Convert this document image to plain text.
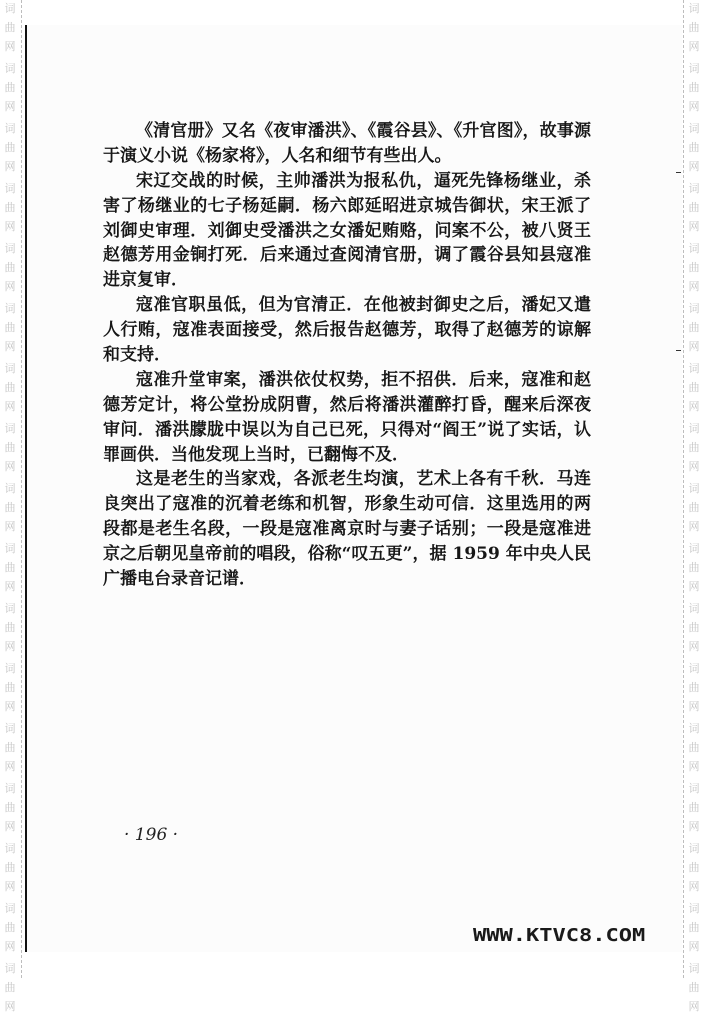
词
曲
网
词
曲
网
词
曲
网
词
曲
网
词
曲
网
词
曲
网
词
曲
网
词
曲
网
词
曲
网
词
曲
网
词
曲
网
词
曲
网
词
曲
网
词
曲
网
词
曲
网
词
曲
网
词
曲
网
词
曲
网
词
曲
网
词
曲
网
词
曲
网
词
曲
网
词
曲
网
词
曲
网
词
曲
网
词
曲
网
词
曲
网
词
曲
网
词
曲
网
词
曲
网
词
曲
网
词
曲
网
词
曲
网
词
曲
网
《清官册》又名《夜审潘洪》、《霞谷县》、《升官图》，故事源
于演义小说《杨家将》，人名和细节有些出人。
宋辽交战的时候，主帅潘洪为报私仇，逼死先锋杨继业，杀
害了杨继业的七子杨延嗣．杨六郎延昭进京城告御状，宋王派了
刘御史审理．刘御史受潘洪之女潘妃贿赂，问案不公，被八贤王
赵德芳用金锏打死．后来通过查阅清官册，调了霞谷县知县寇准
进京复审．
寇准官职虽低，但为官清正．在他被封御史之后，潘妃又遣
人行贿，寇准表面接受，然后报告赵德芳，取得了赵德芳的谅解
和支持．
寇准升堂审案，潘洪依仗权势，拒不招供．后来，寇准和赵
德芳定计，将公堂扮成阴曹，然后将潘洪灌醉打昏，醒来后深夜
审问．潘洪朦胧中误以为自己已死，只得对“阎王”说了实话，认
罪画供．当他发现上当时，已翻悔不及．
这是老生的当家戏，各派老生均演，艺术上各有千秋．马连
良突出了寇准的沉着老练和机智，形象生动可信．这里选用的两
段都是老生名段，一段是寇准离京时与妻子话别；一段是寇准进
京之后朝见皇帝前的唱段，俗称“叹五更”，据 1959 年中央人民
广播电台录音记谱．
· 196 ·
WWW.KTVC8.COM
